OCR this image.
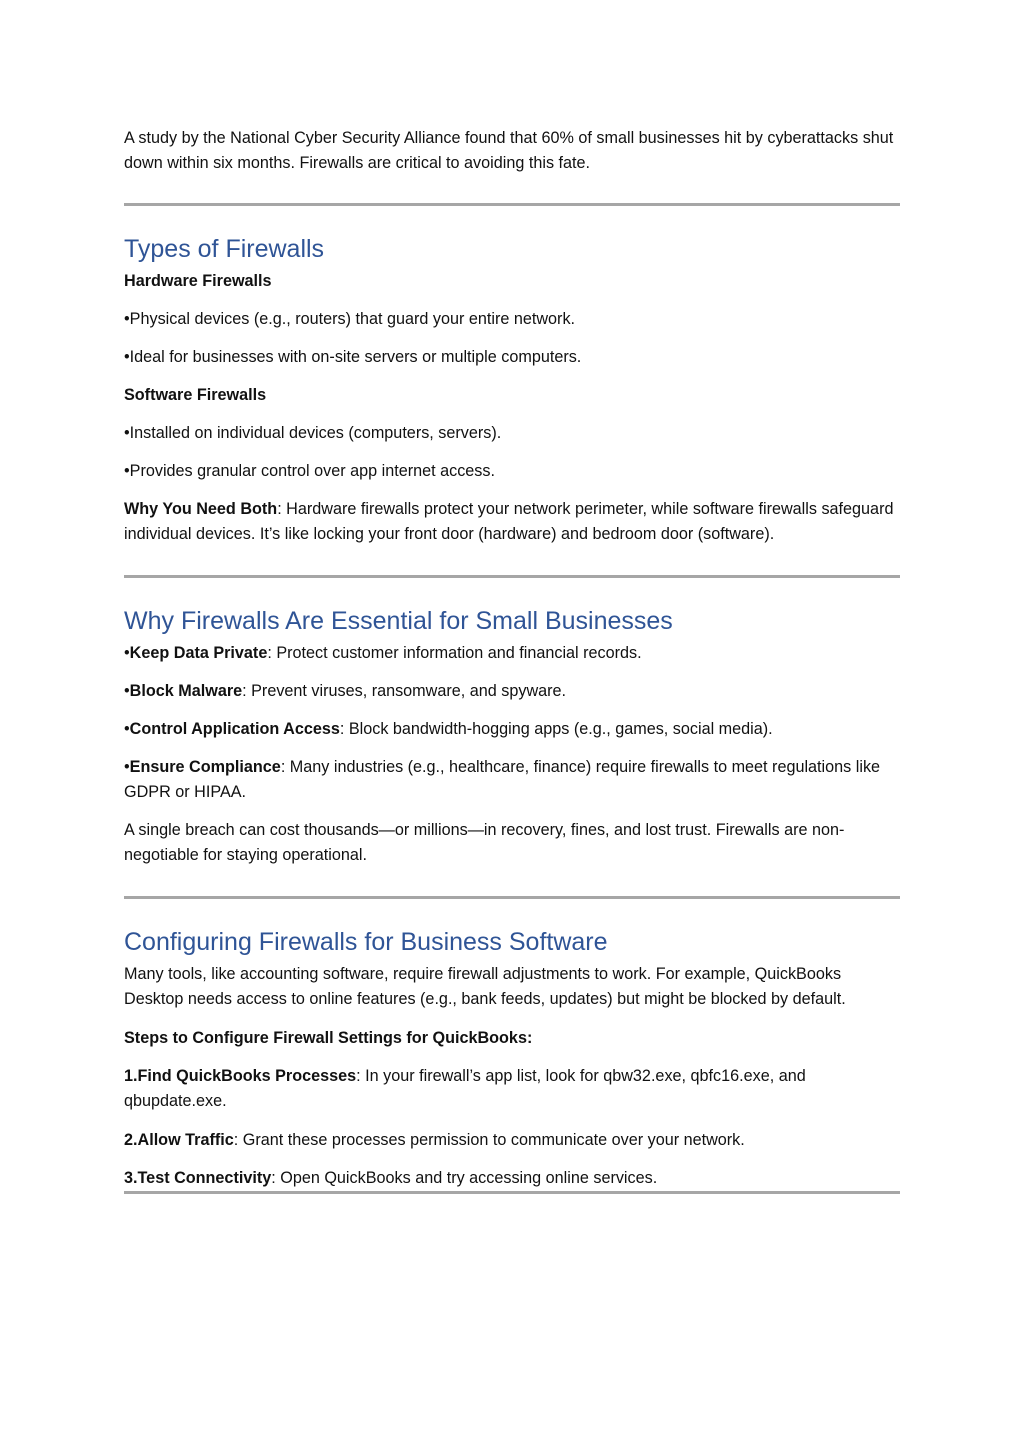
A study by the National Cyber Security Alliance found that 60% of small businesses hit by cyberattacks shut down within six months. Firewalls are critical to avoiding this fate.

Types of Firewalls

Hardware Firewalls

• Physical devices (e.g., routers) that guard your entire network.

• Ideal for businesses with on-site servers or multiple computers.

Software Firewalls

• Installed on individual devices (computers, servers).

• Provides granular control over app internet access.

Why You Need Both: Hardware firewalls protect your network perimeter, while software firewalls safeguard individual devices. It’s like locking your front door (hardware) and bedroom door (software).

Why Firewalls Are Essential for Small Businesses

• Keep Data Private: Protect customer information and financial records.

• Block Malware: Prevent viruses, ransomware, and spyware.

• Control Application Access: Block bandwidth-hogging apps (e.g., games, social media).

• Ensure Compliance: Many industries (e.g., healthcare, finance) require firewalls to meet regulations like GDPR or HIPAA.

A single breach can cost thousands—or millions—in recovery, fines, and lost trust. Firewalls are non-negotiable for staying operational.

Configuring Firewalls for Business Software

Many tools, like accounting software, require firewall adjustments to work. For example, QuickBooks Desktop needs access to online features (e.g., bank feeds, updates) but might be blocked by default.

Steps to Configure Firewall Settings for QuickBooks:

1.Find QuickBooks Processes: In your firewall’s app list, look for qbw32.exe, qbfc16.exe, and qbupdate.exe.

2.Allow Traffic: Grant these processes permission to communicate over your network.

3.Test Connectivity: Open QuickBooks and try accessing online services.
